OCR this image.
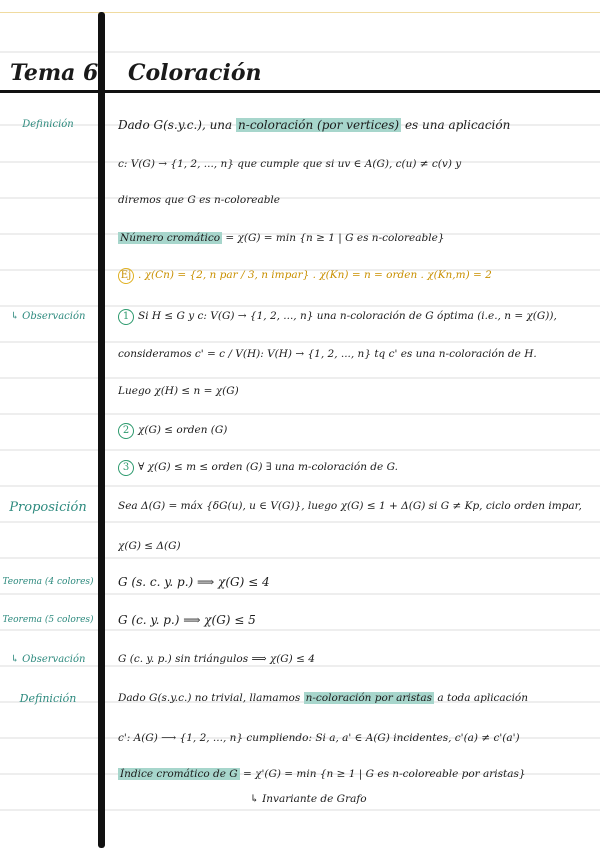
Tema 6 Coloración
Definición
↳ Observación
Proposición
Teorema (4 colores)
Teorema (5 colores)
↳ Observación
Definición
Dado G(s.y.c.), una n-coloración (por vertices) es una aplicación
c: V(G) → {1, 2, ..., n} que cumple que si uv ∈ A(G), c(u) ≠ c(v) y
diremos que G es n-coloreable
Número cromático = χ(G) = min {n ≥ 1 | G es n-coloreable}
Ej . χ(Cn) = {2, n par / 3, n impar} . χ(Kn) = n = orden . χ(Kn,m) = 2
1 Si H ≤ G y c: V(G) → {1, 2, ..., n} una n-coloración de G óptima (i.e., n = χ(G)),
consideramos c' = c / V(H): V(H) → {1, 2, ..., n} tq c' es una n-coloración de H.
Luego χ(H) ≤ n = χ(G)
2 χ(G) ≤ orden (G)
3 ∀ χ(G) ≤ m ≤ orden (G) ∃ una m-coloración de G.
Sea Δ(G) = máx {δG(u), u ∈ V(G)}, luego χ(G) ≤ 1 + Δ(G) si G ≠ Kp, ciclo orden impar,
χ(G) ≤ Δ(G)
G (s. c. y. p.) ⟹ χ(G) ≤ 4
G (c. y. p.) ⟹ χ(G) ≤ 5
G (c. y. p.) sin triángulos ⟹ χ(G) ≤ 4
Dado G(s.y.c.) no trivial, llamamos n-coloración por aristas a toda aplicación
c': A(G) ⟶ {1, 2, ..., n} cumpliendo: Si a, a' ∈ A(G) incidentes, c'(a) ≠ c'(a')
Índice cromático de G = χ'(G) = min {n ≥ 1 | G es n-coloreable por aristas}
↳ Invariante de Grafo
